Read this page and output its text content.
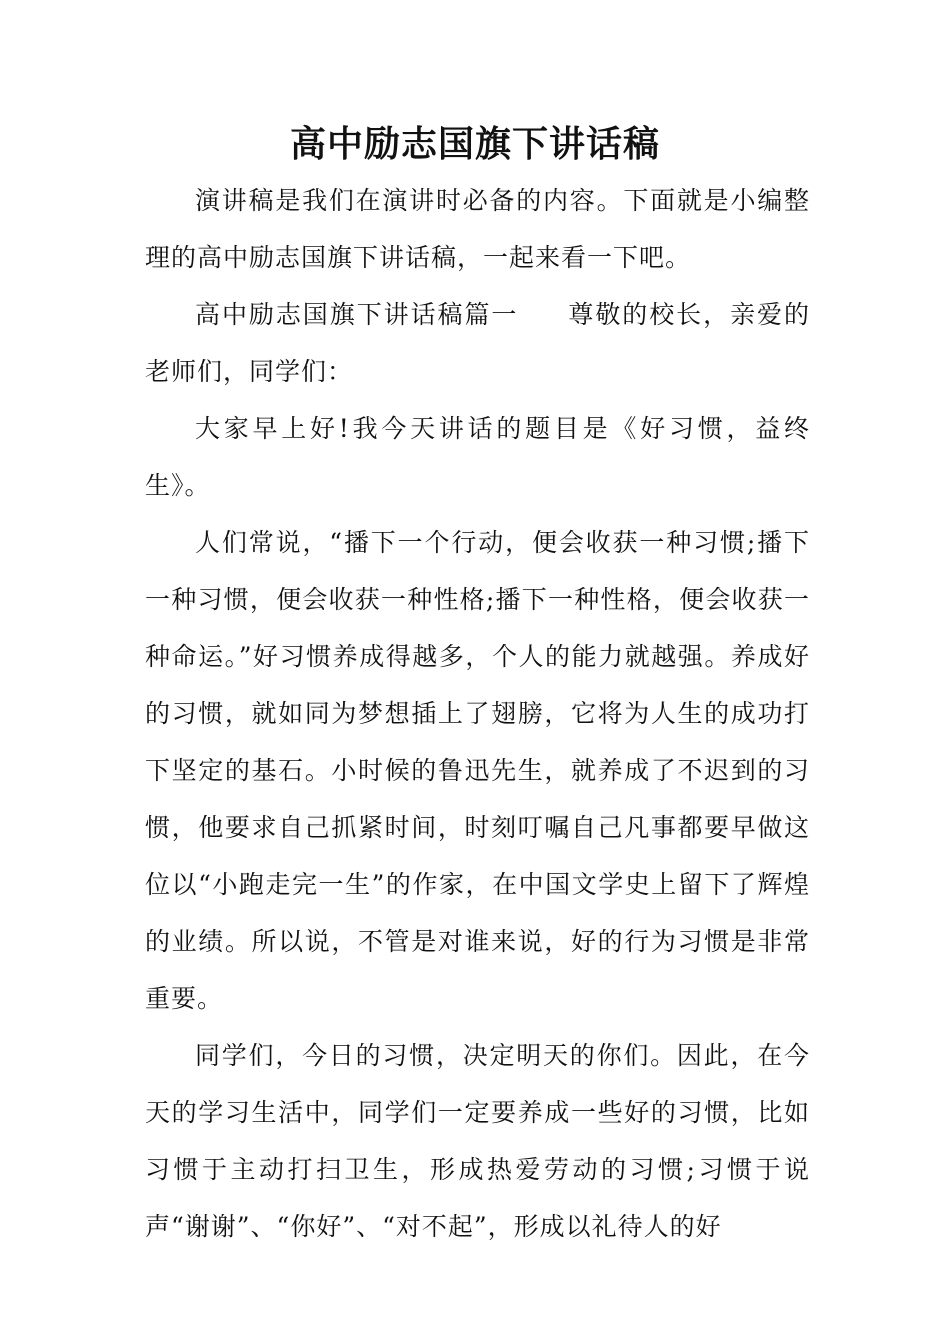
高中励志国旗下讲话稿

演讲稿是我们在演讲时必备的内容。下面就是小编整理的高中励志国旗下讲话稿，一起来看一下吧。

高中励志国旗下讲话稿篇一 尊敬的校长，亲爱的老师们，同学们：

大家早上好!我今天讲话的题目是《好习惯，益终生》。

人们常说，“播下一个行动，便会收获一种习惯;播下一种习惯，便会收获一种性格;播下一种性格，便会收获一种命运。”好习惯养成得越多，个人的能力就越强。养成好的习惯，就如同为梦想插上了翅膀，它将为人生的成功打下坚定的基石。小时候的鲁迅先生，就养成了不迟到的习惯，他要求自己抓紧时间，时刻叮嘱自己凡事都要早做这位以“小跑走完一生”的作家，在中国文学史上留下了辉煌的业绩。所以说，不管是对谁来说，好的行为习惯是非常重要。

同学们，今日的习惯，决定明天的你们。因此，在今天的学习生活中，同学们一定要养成一些好的习惯，比如习惯于主动打扫卫生，形成热爱劳动的习惯;习惯于说声“谢谢”、“你好”、“对不起”，形成以礼待人的好
